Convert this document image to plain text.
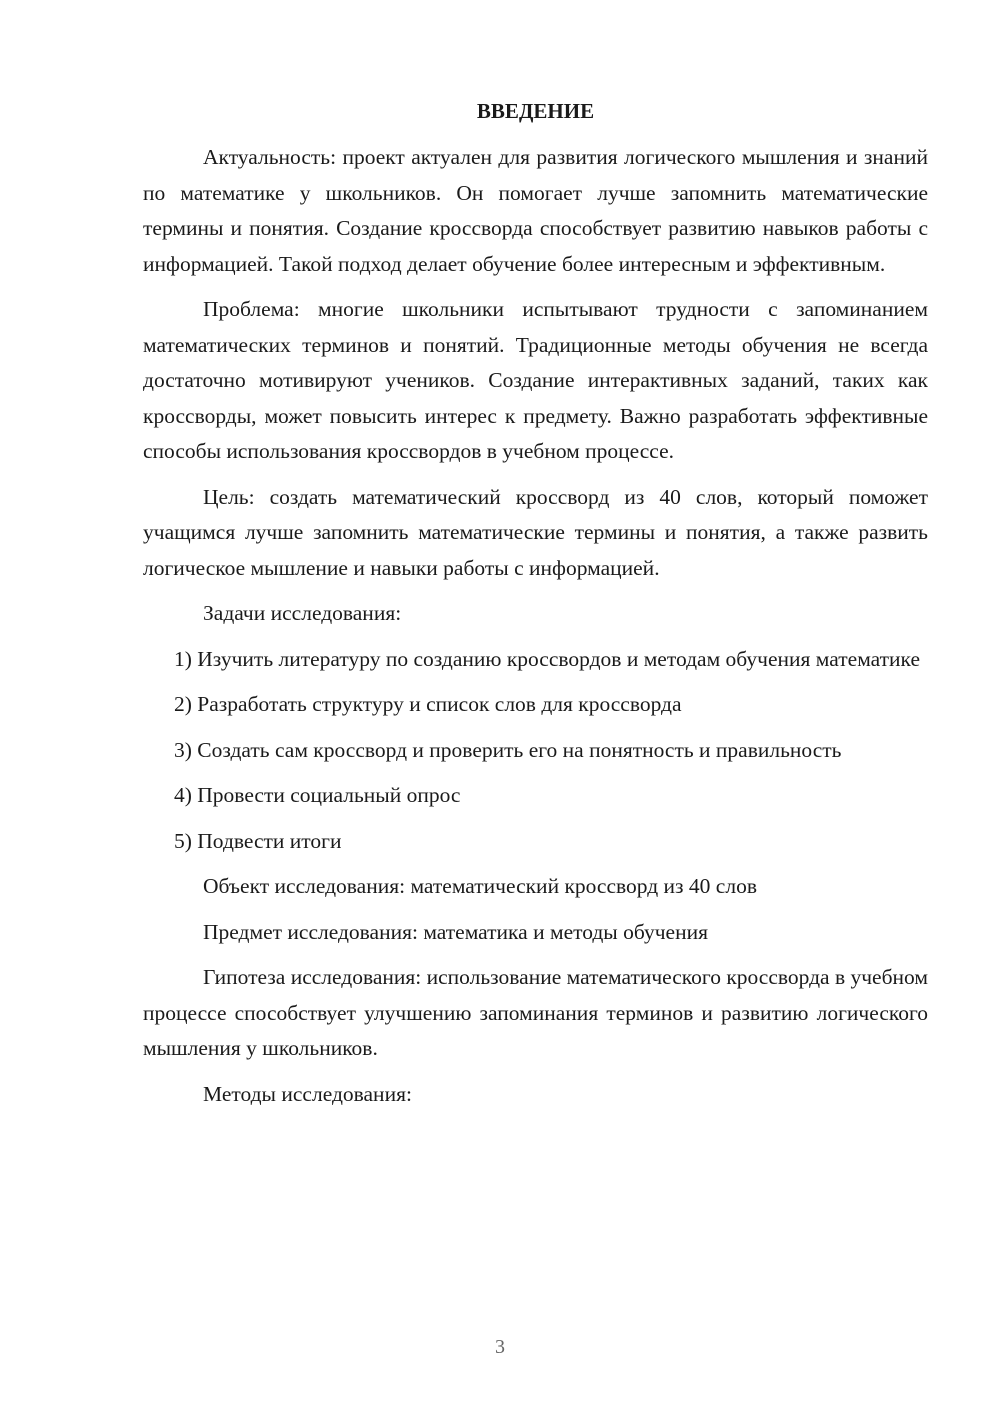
ВВЕДЕНИЕ

Актуальность: проект актуален для развития логического мышления и знаний по математике у школьников. Он помогает лучше запомнить математические термины и понятия. Создание кроссворда способствует развитию навыков работы с информацией. Такой подход делает обучение более интересным и эффективным.

Проблема: многие школьники испытывают трудности с запоминанием математических терминов и понятий. Традиционные методы обучения не всегда достаточно мотивируют учеников. Создание интерактивных заданий, таких как кроссворды, может повысить интерес к предмету. Важно разработать эффективные способы использования кроссвордов в учебном процессе.

Цель: создать математический кроссворд из 40 слов, который поможет учащимся лучше запомнить математические термины и понятия, а также развить логическое мышление и навыки работы с информацией.

Задачи исследования:

1) Изучить литературу по созданию кроссвордов и методам обучения математике

2) Разработать структуру и список слов для кроссворда

3) Создать сам кроссворд и проверить его на понятность и правильность

4) Провести социальный опрос

5) Подвести итоги

Объект исследования: математический кроссворд из 40 слов

Предмет исследования: математика и методы обучения

Гипотеза исследования: использование математического кроссворда в учебном процессе способствует улучшению запоминания терминов и развитию логического мышления у школьников.

Методы исследования:

3
